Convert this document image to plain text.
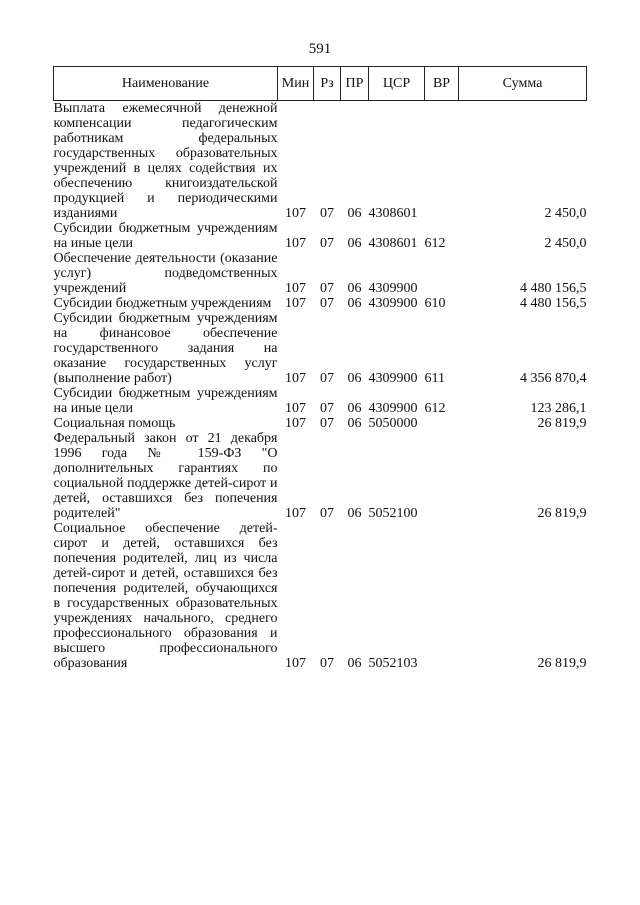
591
Наименование	Мин	Рз	ПР	ЦСР	ВР	Сумма
Выплата ежемесячной денежной компенсации педагогическим работникам федеральных государственных образовательных учреждений в целях содействия их обеспечению книгоиздательской продукцией и периодическими изданиями	107	07	06	4308601		2 450,0
Субсидии бюджетным учреждениям на иные цели	107	07	06	4308601	612	2 450,0
Обеспечение деятельности (оказание услуг) подведомственных учреждений	107	07	06	4309900		4 480 156,5
Субсидии бюджетным учреждениям	107	07	06	4309900	610	4 480 156,5
Субсидии бюджетным учреждениям на финансовое обеспечение государственного задания на оказание государственных услуг (выполнение работ)	107	07	06	4309900	611	4 356 870,4
Субсидии бюджетным учреждениям на иные цели	107	07	06	4309900	612	123 286,1
Социальная помощь	107	07	06	5050000		26 819,9
Федеральный закон от 21 декабря 1996 года № 159-ФЗ "О дополнительных гарантиях по социальной поддержке детей-сирот и детей, оставшихся без попечения родителей"	107	07	06	5052100		26 819,9
Социальное обеспечение детей-сирот и детей, оставшихся без попечения родителей, лиц из числа детей-сирот и детей, оставшихся без попечения родителей, обучающихся в государственных образовательных учреждениях начального, среднего профессионального образования и высшего профессионального образования	107	07	06	5052103		26 819,9
